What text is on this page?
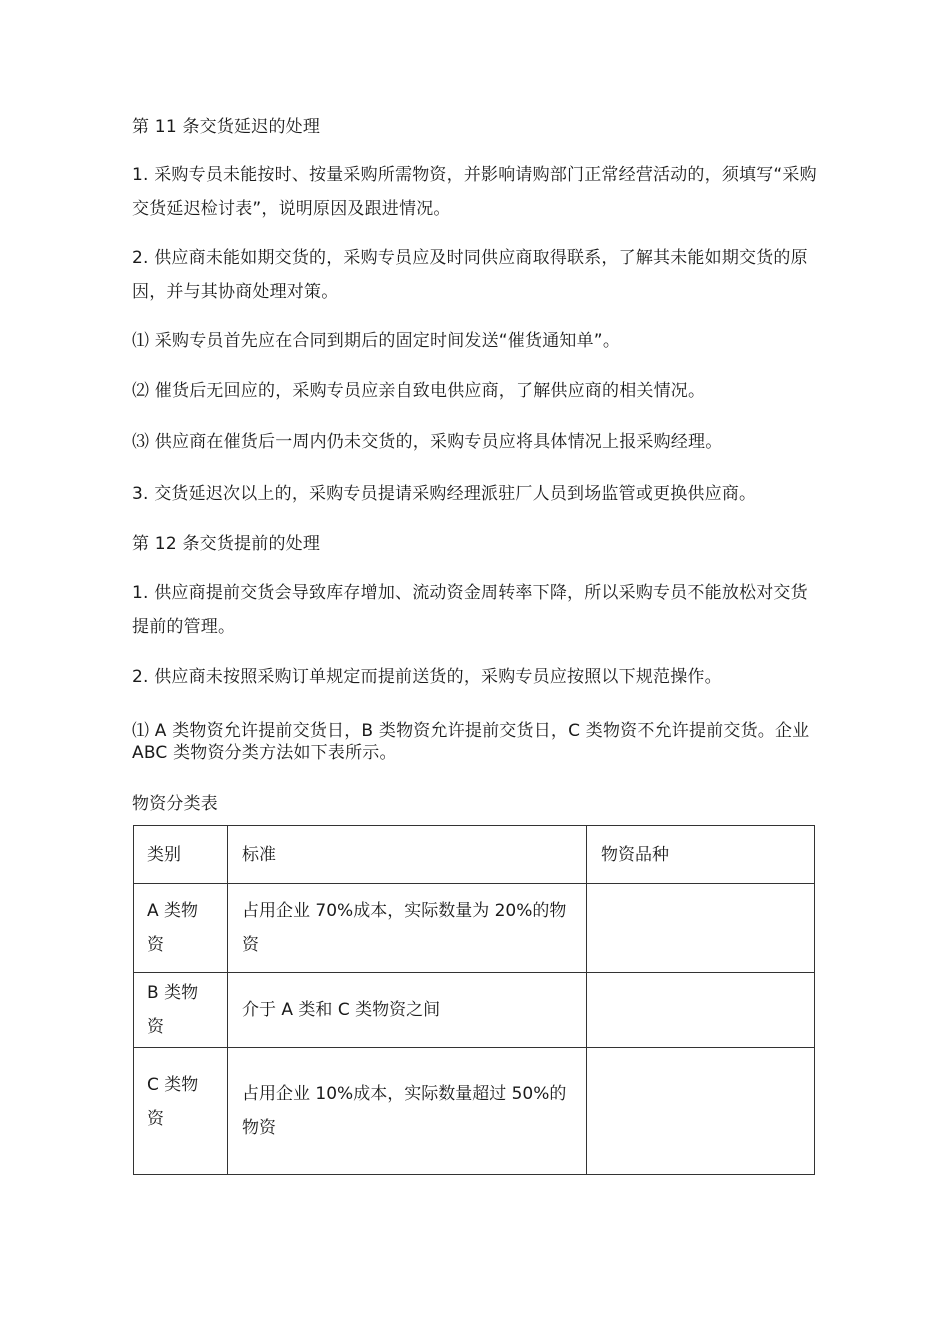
第 11 条交货延迟的处理

1. 采购专员未能按时、按量采购所需物资，并影响请购部门正常经营活动的，须填写“采购交货延迟检讨表”，说明原因及跟进情况。

2. 供应商未能如期交货的，采购专员应及时同供应商取得联系，了解其未能如期交货的原因，并与其协商处理对策。

⑴ 采购专员首先应在合同到期后的固定时间发送“催货通知单”。

⑵ 催货后无回应的，采购专员应亲自致电供应商，了解供应商的相关情况。

⑶ 供应商在催货后一周内仍未交货的，采购专员应将具体情况上报采购经理。

3. 交货延迟次以上的，采购专员提请采购经理派驻厂人员到场监管或更换供应商。

第 12 条交货提前的处理

1. 供应商提前交货会导致库存增加、流动资金周转率下降，所以采购专员不能放松对交货提前的管理。

2. 供应商未按照采购订单规定而提前送货的，采购专员应按照以下规范操作。

⑴ A 类物资允许提前交货日，B 类物资允许提前交货日，C 类物资不允许提前交货。企业 ABC 类物资分类方法如下表所示。

物资分类表

类别	标准	物资品种
A 类物资	占用企业 70%成本，实际数量为 20%的物资	
B 类物资	介于 A 类和 C 类物资之间	
C 类物资	占用企业 10%成本，实际数量超过 50%的物资	
